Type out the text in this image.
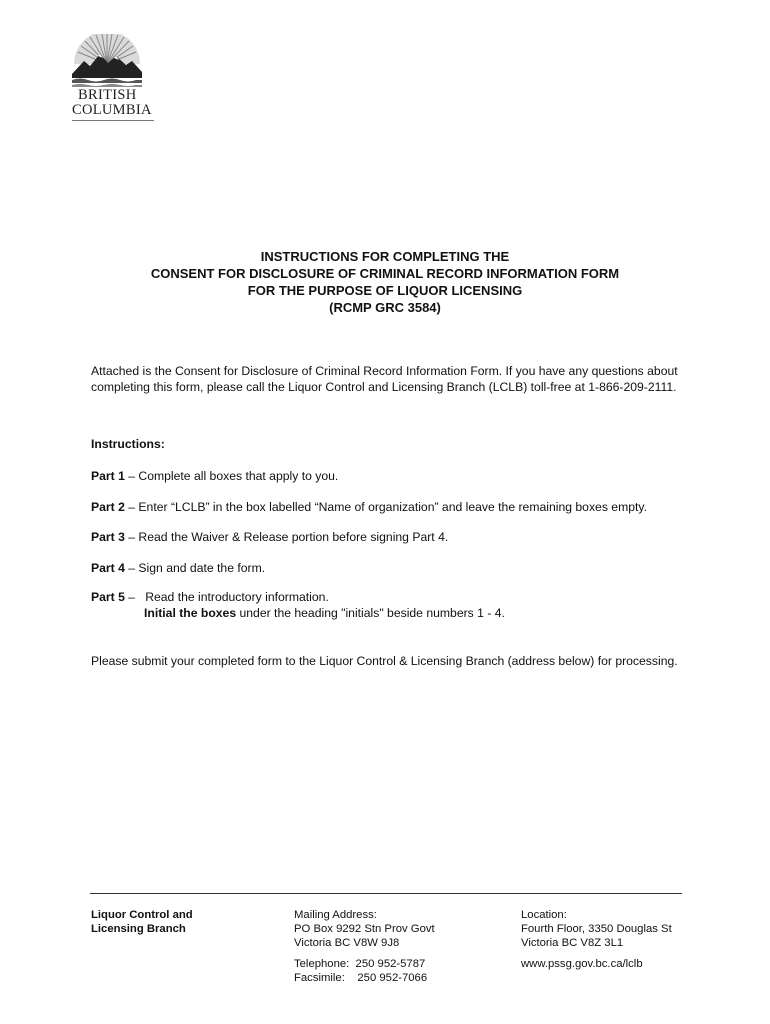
BRITISH
COLUMBIA
INSTRUCTIONS FOR COMPLETING THE
CONSENT FOR DISCLOSURE OF CRIMINAL RECORD INFORMATION FORM
FOR THE PURPOSE OF LIQUOR LICENSING
(RCMP GRC 3584)
Attached is the Consent for Disclosure of Criminal Record Information Form. If you have any questions about completing this form, please call the Liquor Control and Licensing Branch (LCLB) toll-free at 1-866-209-2111.
Instructions:
Part 1 – Complete all boxes that apply to you.
Part 2 – Enter “LCLB” in the box labelled “Name of organization” and leave the remaining boxes empty.
Part 3 – Read the Waiver & Release portion before signing Part 4.
Part 4 – Sign and date the form.
Part 5 –   Read the introductory information.
Initial the boxes under the heading "initials" beside numbers 1 - 4.
Please submit your completed form to the Liquor Control & Licensing Branch (address below) for processing.
Liquor Control and
Licensing Branch
Mailing Address:
PO Box 9292 Stn Prov Govt
Victoria BC V8W 9J8
Telephone:  250 952-5787
Facsimile:    250 952-7066
Location:
Fourth Floor, 3350 Douglas St
Victoria BC V8Z 3L1
www.pssg.gov.bc.ca/lclb
